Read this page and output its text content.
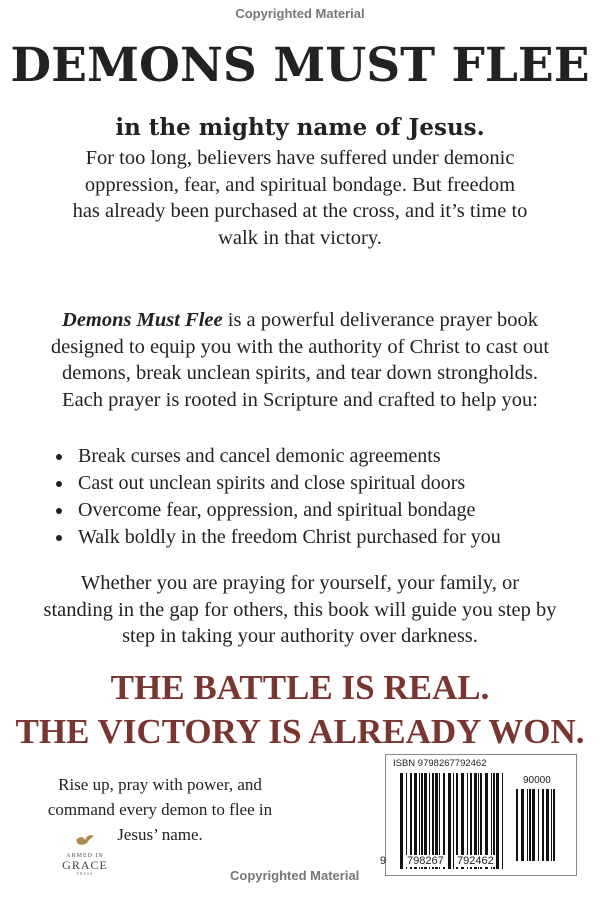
Copyrighted Material
DEMONS MUST FLEE
in the mighty name of Jesus.
For too long, believers have suffered under demonic
oppression, fear, and spiritual bondage. But freedom
has already been purchased at the cross, and it’s time to
walk in that victory.
Demons Must Flee is a powerful deliverance prayer book
designed to equip you with the authority of Christ to cast out
demons, break unclean spirits, and tear down strongholds.
Each prayer is rooted in Scripture and crafted to help you:
• Break curses and cancel demonic agreements
• Cast out unclean spirits and close spiritual doors
• Overcome fear, oppression, and spiritual bondage
• Walk boldly in the freedom Christ purchased for you
Whether you are praying for yourself, your family, or
standing in the gap for others, this book will guide you step by
step in taking your authority over darkness.
THE BATTLE IS REAL.
THE VICTORY IS ALREADY WON.
Rise up, pray with power, and
command every demon to flee in
Jesus’ name.
ARMED IN
GRACE
PRESS
ISBN 9798267792462
90000
9 798267 792462
Copyrighted Material
